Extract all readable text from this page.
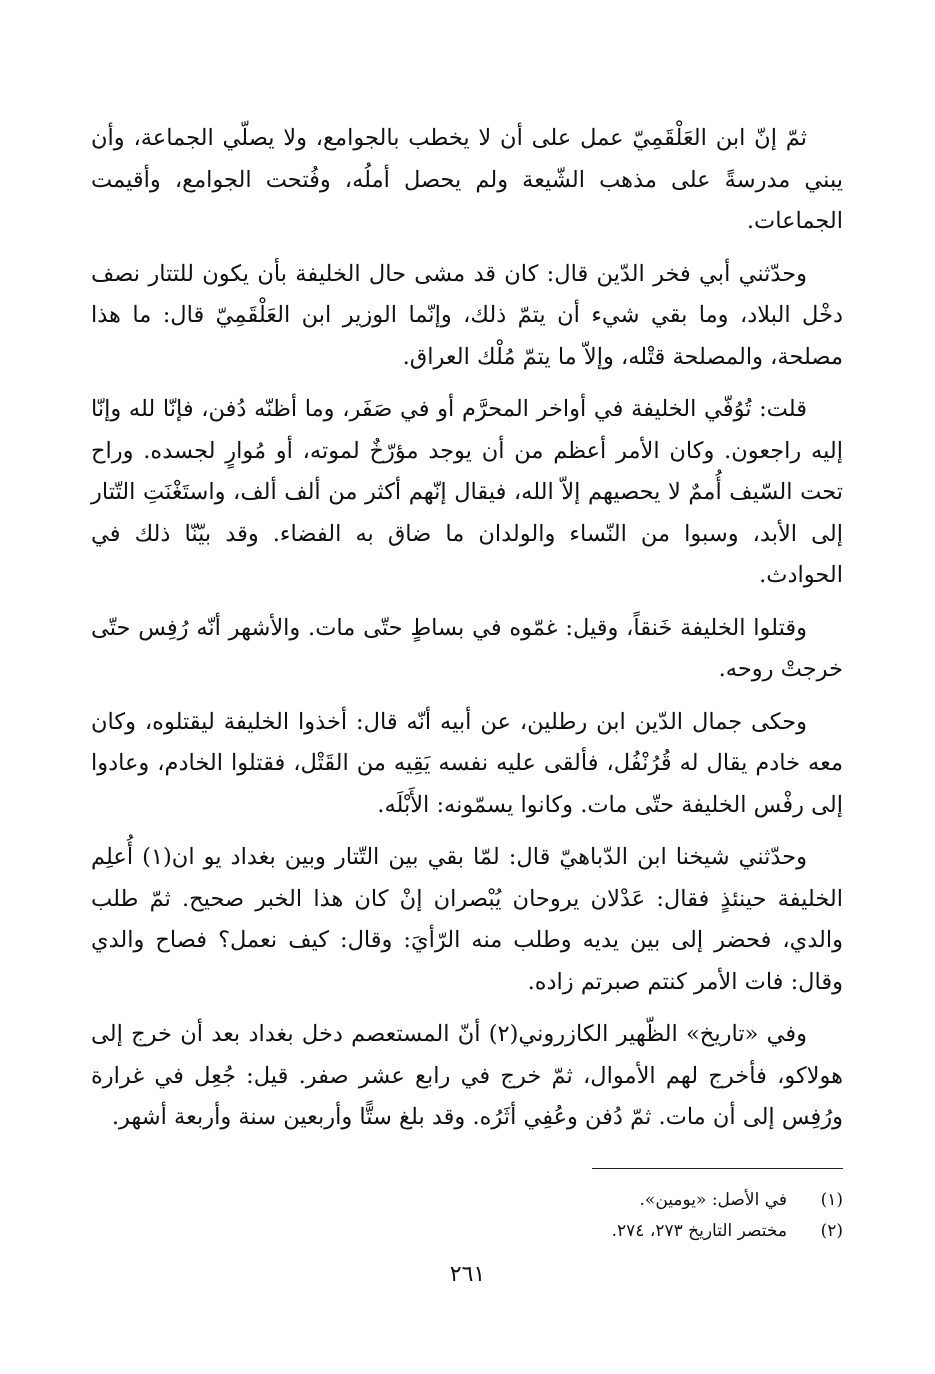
ثمّ إنّ ابن العَلْقَمِيّ عمل على أن لا يخطب بالجوامع، ولا يصلّي الجماعة، وأن يبني مدرسةً على مذهب الشّيعة ولم يحصل أملُه، وفُتحت الجوامع، وأقيمت الجماعات.

وحدّثني أبي فخر الدّين قال: كان قد مشى حال الخليفة بأن يكون للتتار نصف دخْل البلاد، وما بقي شيء أن يتمّ ذلك، وإنّما الوزير ابن العَلْقَمِيّ قال: ما هذا مصلحة، والمصلحة قتْله، وإلاّ ما يتمّ مُلْك العراق.

قلت: تُوُفّي الخليفة في أواخر المحرَّم أو في صَفَر، وما أظنّه دُفن، فإنّا لله وإنّا إليه راجعون. وكان الأمر أعظم من أن يوجد مؤرّخٌ لموته، أو مُوارٍ لجسده. وراح تحت السّيف أُممٌ لا يحصيهم إلاّ الله، فيقال إنّهم أكثر من ألف ألف، واستَغْنَتِ التّتار إلى الأبد، وسبوا من النّساء والولدان ما ضاق به الفضاء. وقد بيّنّا ذلك في الحوادث.

وقتلوا الخليفة خَنقاً، وقيل: غمّوه في بساطٍ حتّى مات. والأشهر أنّه رُفِس حتّى خرجتْ روحه.

وحكى جمال الدّين ابن رطلين، عن أبيه أنّه قال: أخذوا الخليفة ليقتلوه، وكان معه خادم يقال له قُرُنْفُل، فألقى عليه نفسه يَقِيه من القَتْل، فقتلوا الخادم، وعادوا إلى رفْس الخليفة حتّى مات. وكانوا يسمّونه: الأَبْلَه.

وحدّثني شيخنا ابن الدّباهيّ قال: لمّا بقي بين التّتار وبين بغداد يو ان(١) أُعلِم الخليفة حينئذٍ فقال: عَدْلان يروحان يُبْصران إنْ كان هذا الخبر صحيح. ثمّ طلب والدي، فحضر إلى بين يديه وطلب منه الرّأيَ: وقال: كيف نعمل؟ فصاح والدي وقال: فات الأمر كنتم صبرتم زاده.

وفي «تاريخ» الظّهير الكازروني(٢) أنّ المستعصم دخل بغداد بعد أن خرج إلى هولاكو، فأخرج لهم الأموال، ثمّ خرج في رابع عشر صفر. قيل: جُعِل في غرارة ورُفِس إلى أن مات. ثمّ دُفن وعُفِي أثَرُه. وقد بلغ ستًّا وأربعين سنة وأربعة أشهر.

(١)
في الأصل: «يومين».
(٢)
مختصر التاريخ ٢٧٣، ٢٧٤.
٢٦١
